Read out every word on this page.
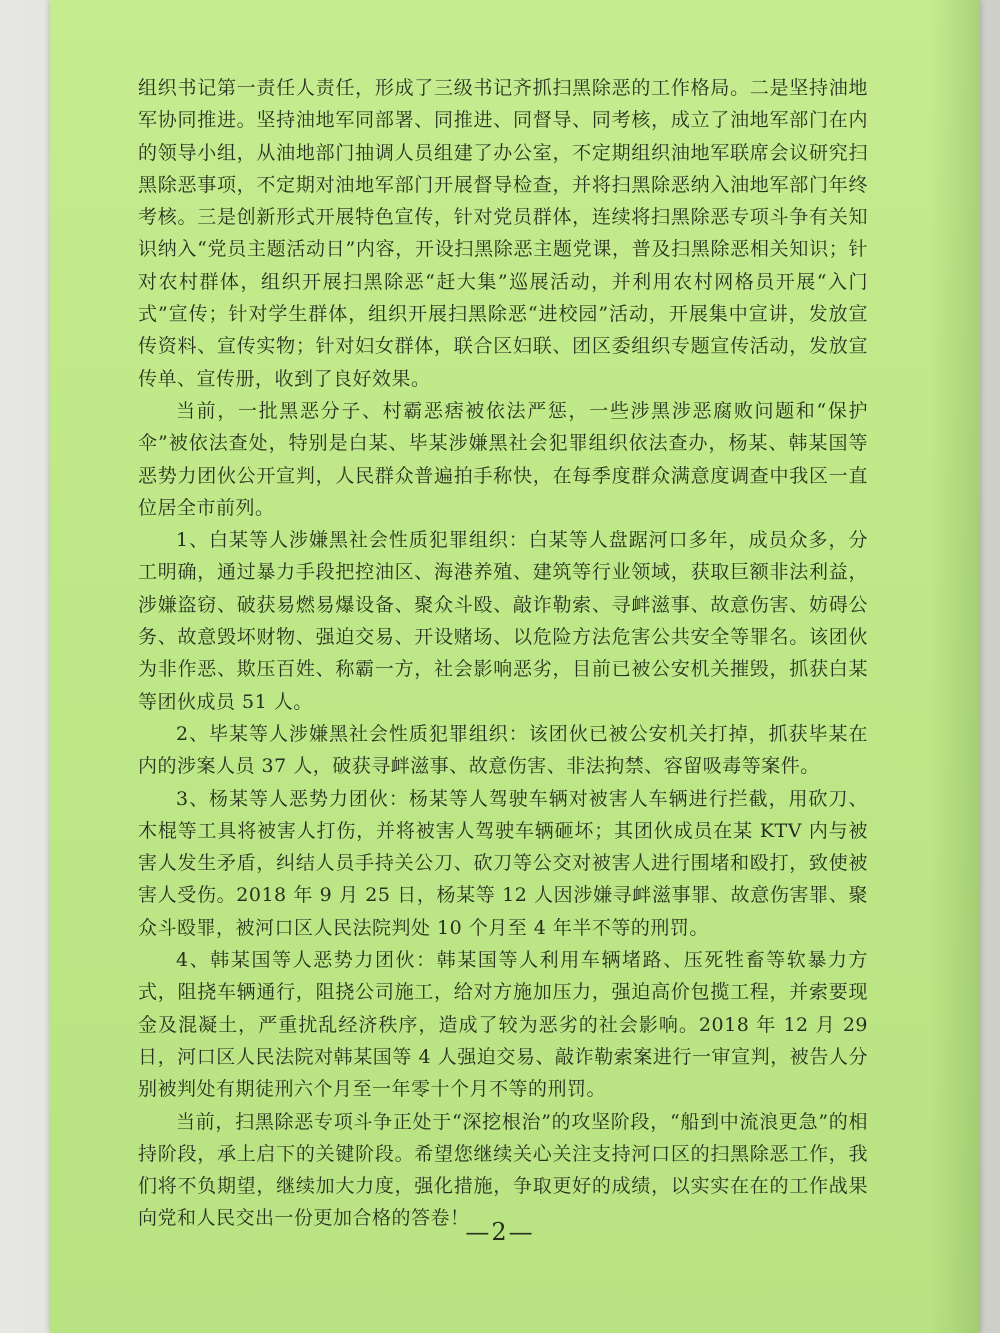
组织书记第一责任人责任，形成了三级书记齐抓扫黑除恶的工作格局。二是坚持油地军协同推进。坚持油地军同部署、同推进、同督导、同考核，成立了油地军部门在内的领导小组，从油地部门抽调人员组建了办公室，不定期组织油地军联席会议研究扫黑除恶事项，不定期对油地军部门开展督导检查，并将扫黑除恶纳入油地军部门年终考核。三是创新形式开展特色宣传，针对党员群体，连续将扫黑除恶专项斗争有关知识纳入“党员主题活动日”内容，开设扫黑除恶主题党课，普及扫黑除恶相关知识；针对农村群体，组织开展扫黑除恶“赶大集”巡展活动，并利用农村网格员开展“入门式”宣传；针对学生群体，组织开展扫黑除恶“进校园”活动，开展集中宣讲，发放宣传资料、宣传实物；针对妇女群体，联合区妇联、团区委组织专题宣传活动，发放宣传单、宣传册，收到了良好效果。

当前，一批黑恶分子、村霸恶痞被依法严惩，一些涉黑涉恶腐败问题和“保护伞”被依法查处，特别是白某、毕某涉嫌黑社会犯罪组织依法查办，杨某、韩某国等恶势力团伙公开宣判，人民群众普遍拍手称快，在每季度群众满意度调查中我区一直位居全市前列。

1、白某等人涉嫌黑社会性质犯罪组织：白某等人盘踞河口多年，成员众多，分工明确，通过暴力手段把控油区、海港养殖、建筑等行业领域，获取巨额非法利益，涉嫌盗窃、破获易燃易爆设备、聚众斗殴、敲诈勒索、寻衅滋事、故意伤害、妨碍公务、故意毁坏财物、强迫交易、开设赌场、以危险方法危害公共安全等罪名。该团伙为非作恶、欺压百姓、称霸一方，社会影响恶劣，目前已被公安机关摧毁，抓获白某等团伙成员 51 人。

2、毕某等人涉嫌黑社会性质犯罪组织：该团伙已被公安机关打掉，抓获毕某在内的涉案人员 37 人，破获寻衅滋事、故意伤害、非法拘禁、容留吸毒等案件。

3、杨某等人恶势力团伙：杨某等人驾驶车辆对被害人车辆进行拦截，用砍刀、木棍等工具将被害人打伤，并将被害人驾驶车辆砸坏；其团伙成员在某 KTV 内与被害人发生矛盾，纠结人员手持关公刀、砍刀等公交对被害人进行围堵和殴打，致使被害人受伤。2018 年 9 月 25 日，杨某等 12 人因涉嫌寻衅滋事罪、故意伤害罪、聚众斗殴罪，被河口区人民法院判处 10 个月至 4 年半不等的刑罚。

4、韩某国等人恶势力团伙：韩某国等人利用车辆堵路、压死牲畜等软暴力方式，阻挠车辆通行，阻挠公司施工，给对方施加压力，强迫高价包揽工程，并索要现金及混凝土，严重扰乱经济秩序，造成了较为恶劣的社会影响。2018 年 12 月 29 日，河口区人民法院对韩某国等 4 人强迫交易、敲诈勒索案进行一审宣判，被告人分别被判处有期徒刑六个月至一年零十个月不等的刑罚。

当前，扫黑除恶专项斗争正处于“深挖根治”的攻坚阶段，“船到中流浪更急”的相持阶段，承上启下的关键阶段。希望您继续关心关注支持河口区的扫黑除恶工作，我们将不负期望，继续加大力度，强化措施，争取更好的成绩，以实实在在的工作战果向党和人民交出一份更加合格的答卷！

—2—
